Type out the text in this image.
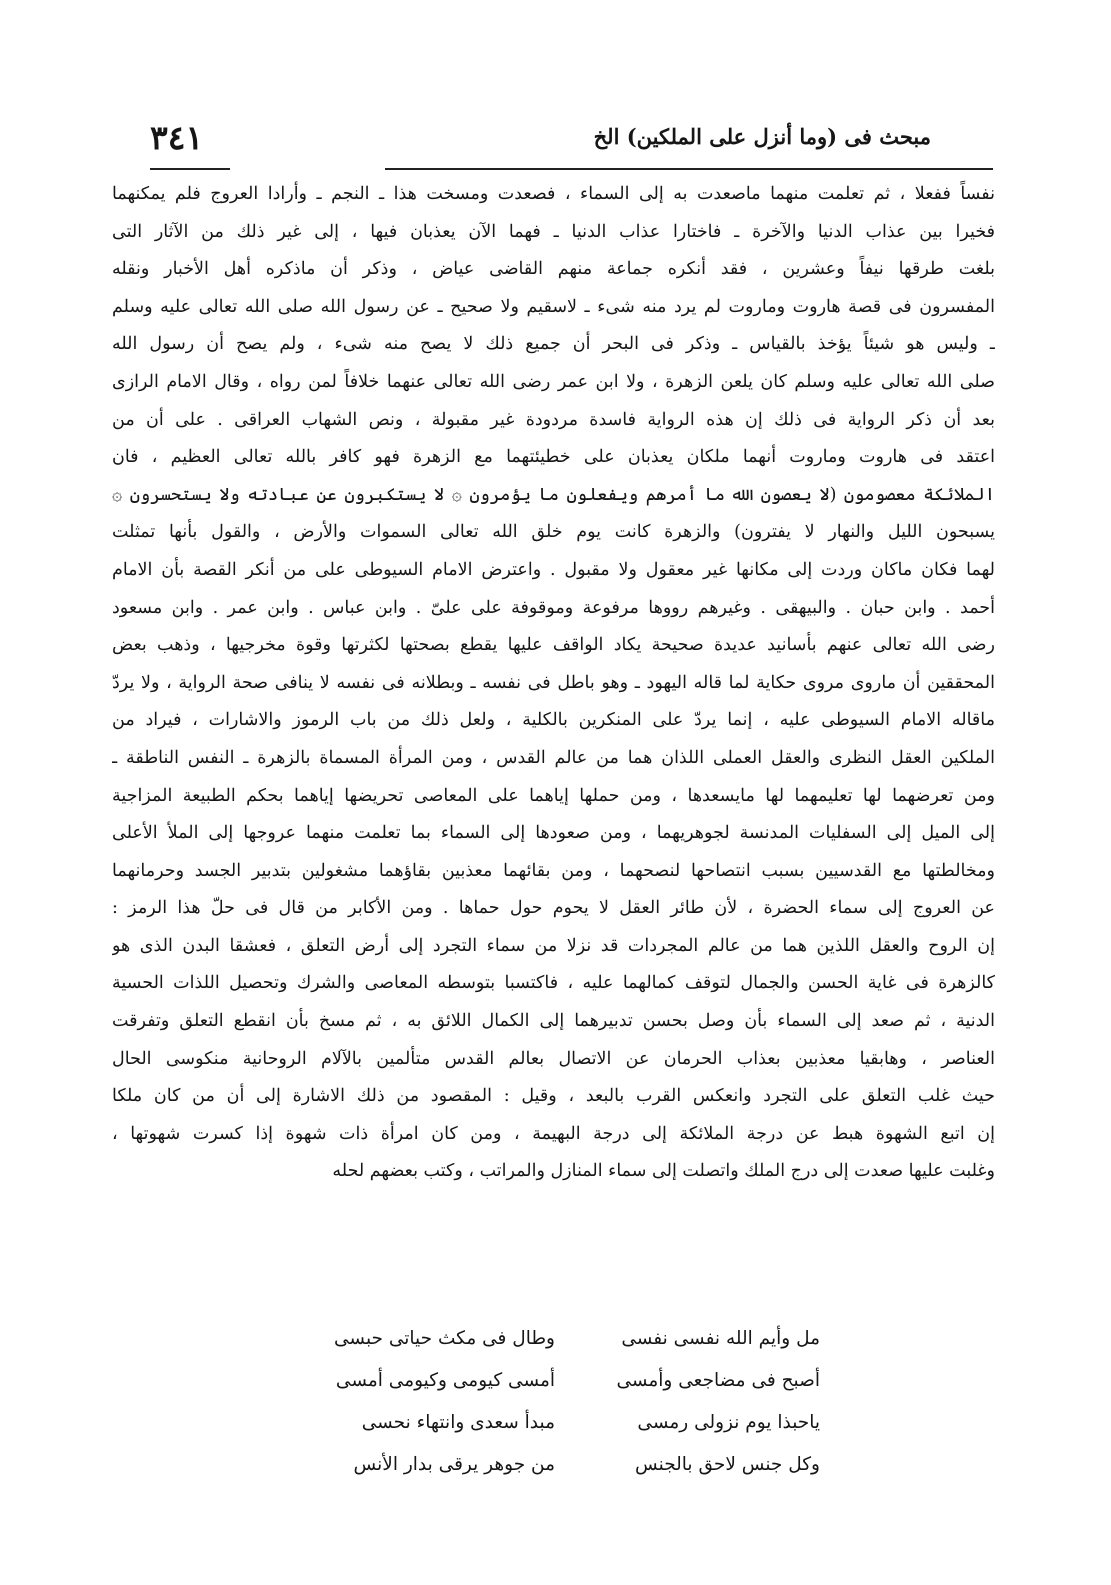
مبحث فى (وما أنزل على الملكين) الخ
٣٤١
نفساً ففعلا ، ثم تعلمت منهما ماصعدت به إلى السماء ، فصعدت ومسخت هذا ـ النجم ـ وأرادا العروج فلم يمكنهما
فخيرا بين عذاب الدنيا والآخرة ـ فاختارا عذاب الدنيا ـ فهما الآن يعذبان فيها ، إلى غير ذلك من الآثار التى
بلغت طرقها نيفاً وعشرين ، فقد أنكره جماعة منهم القاضى عياض ، وذكر أن ماذكره أهل الأخبار ونقله
المفسرون فى قصة هاروت وماروت لم يرد منه شىء ـ لاسقيم ولا صحيح ـ عن رسول الله صلى الله تعالى عليه وسلم
ـ وليس هو شيئاً يؤخذ بالقياس ـ وذكر فى البحر أن جميع ذلك لا يصح منه شىء ، ولم يصح أن رسول الله
صلى الله تعالى عليه وسلم كان يلعن الزهرة ، ولا ابن عمر رضى الله تعالى عنهما خلافاً لمن رواه ، وقال الامام الرازى
بعد أن ذكر الرواية فى ذلك إن هذه الرواية فاسدة مردودة غير مقبولة ، ونص الشهاب العراقى . على أن من
اعتقد فى هاروت وماروت أنهما ملكان يعذبان على خطيئتهما مع الزهرة فهو كافر بالله تعالى العظيم ، فان
الملائكة معصومون (لا يعصون الله ما أمرهم ويفعلون ما يؤمرون ۞ لا يستكبرون عن عبادته ولا يستحسرون ۞
يسبحون الليل والنهار لا يفترون) والزهرة كانت يوم خلق الله تعالى السموات والأرض ، والقول بأنها تمثلت
لهما فكان ماكان وردت إلى مكانها غير معقول ولا مقبول . واعترض الامام السيوطى على من أنكر القصة بأن الامام
أحمد . وابن حبان . والبيهقى . وغيرهم رووها مرفوعة وموقوفة على علىّ . وابن عباس . وابن عمر . وابن مسعود
رضى الله تعالى عنهم بأسانيد عديدة صحيحة يكاد الواقف عليها يقطع بصحتها لكثرتها وقوة مخرجيها ، وذهب بعض
المحققين أن ماروى مروى حكاية لما قاله اليهود ـ وهو باطل فى نفسه ـ وبطلانه فى نفسه لا ينافى صحة الرواية ، ولا يردّ
ماقاله الامام السيوطى عليه ، إنما يردّ على المنكرين بالكلية ، ولعل ذلك من باب الرموز والاشارات ، فيراد من
الملكين العقل النظرى والعقل العملى اللذان هما من عالم القدس ، ومن المرأة المسماة بالزهرة ـ النفس الناطقة ـ
ومن تعرضهما لها تعليمهما لها مايسعدها ، ومن حملها إياهما على المعاصى تحريضها إياهما بحكم الطبيعة المزاجية
إلى الميل إلى السفليات المدنسة لجوهريهما ، ومن صعودها إلى السماء بما تعلمت منهما عروجها إلى الملأ الأعلى
ومخالطتها مع القدسيين بسبب انتصاحها لنصحهما ، ومن بقائهما معذبين بقاؤهما مشغولين بتدبير الجسد وحرمانهما
عن العروج إلى سماء الحضرة ، لأن طائر العقل لا يحوم حول حماها . ومن الأكابر من قال فى حلّ هذا الرمز :
إن الروح والعقل اللذين هما من عالم المجردات قد نزلا من سماء التجرد إلى أرض التعلق ، فعشقا البدن الذى هو
كالزهرة فى غاية الحسن والجمال لتوقف كمالهما عليه ، فاكتسبا بتوسطه المعاصى والشرك وتحصيل اللذات الحسية
الدنية ، ثم صعد إلى السماء بأن وصل بحسن تدبيرهما إلى الكمال اللائق به ، ثم مسخ بأن انقطع التعلق وتفرقت
العناصر ، وهابقيا معذبين بعذاب الحرمان عن الاتصال بعالم القدس متألمين بالآلام الروحانية منكوسى الحال
حيث غلب التعلق على التجرد وانعكس القرب بالبعد ، وقيل : المقصود من ذلك الاشارة إلى أن من كان ملكا
إن اتبع الشهوة هبط عن درجة الملائكة إلى درجة البهيمة ، ومن كان امرأة ذات شهوة إذا كسرت شهوتها ،
وغلبت عليها صعدت إلى درج الملك واتصلت إلى سماء المنازل والمراتب ، وكتب بعضهم لحله
مل وأيم الله نفسى نفسى
وطال فى مكث حياتى حبسى
أصبح فى مضاجعى وأمسى
أمسى كيومى وكيومى أمسى
ياحبذا يوم نزولى رمسى
مبدأ سعدى وانتهاء نحسى
وكل جنس لاحق بالجنس
من جوهر يرقى بدار الأنس
